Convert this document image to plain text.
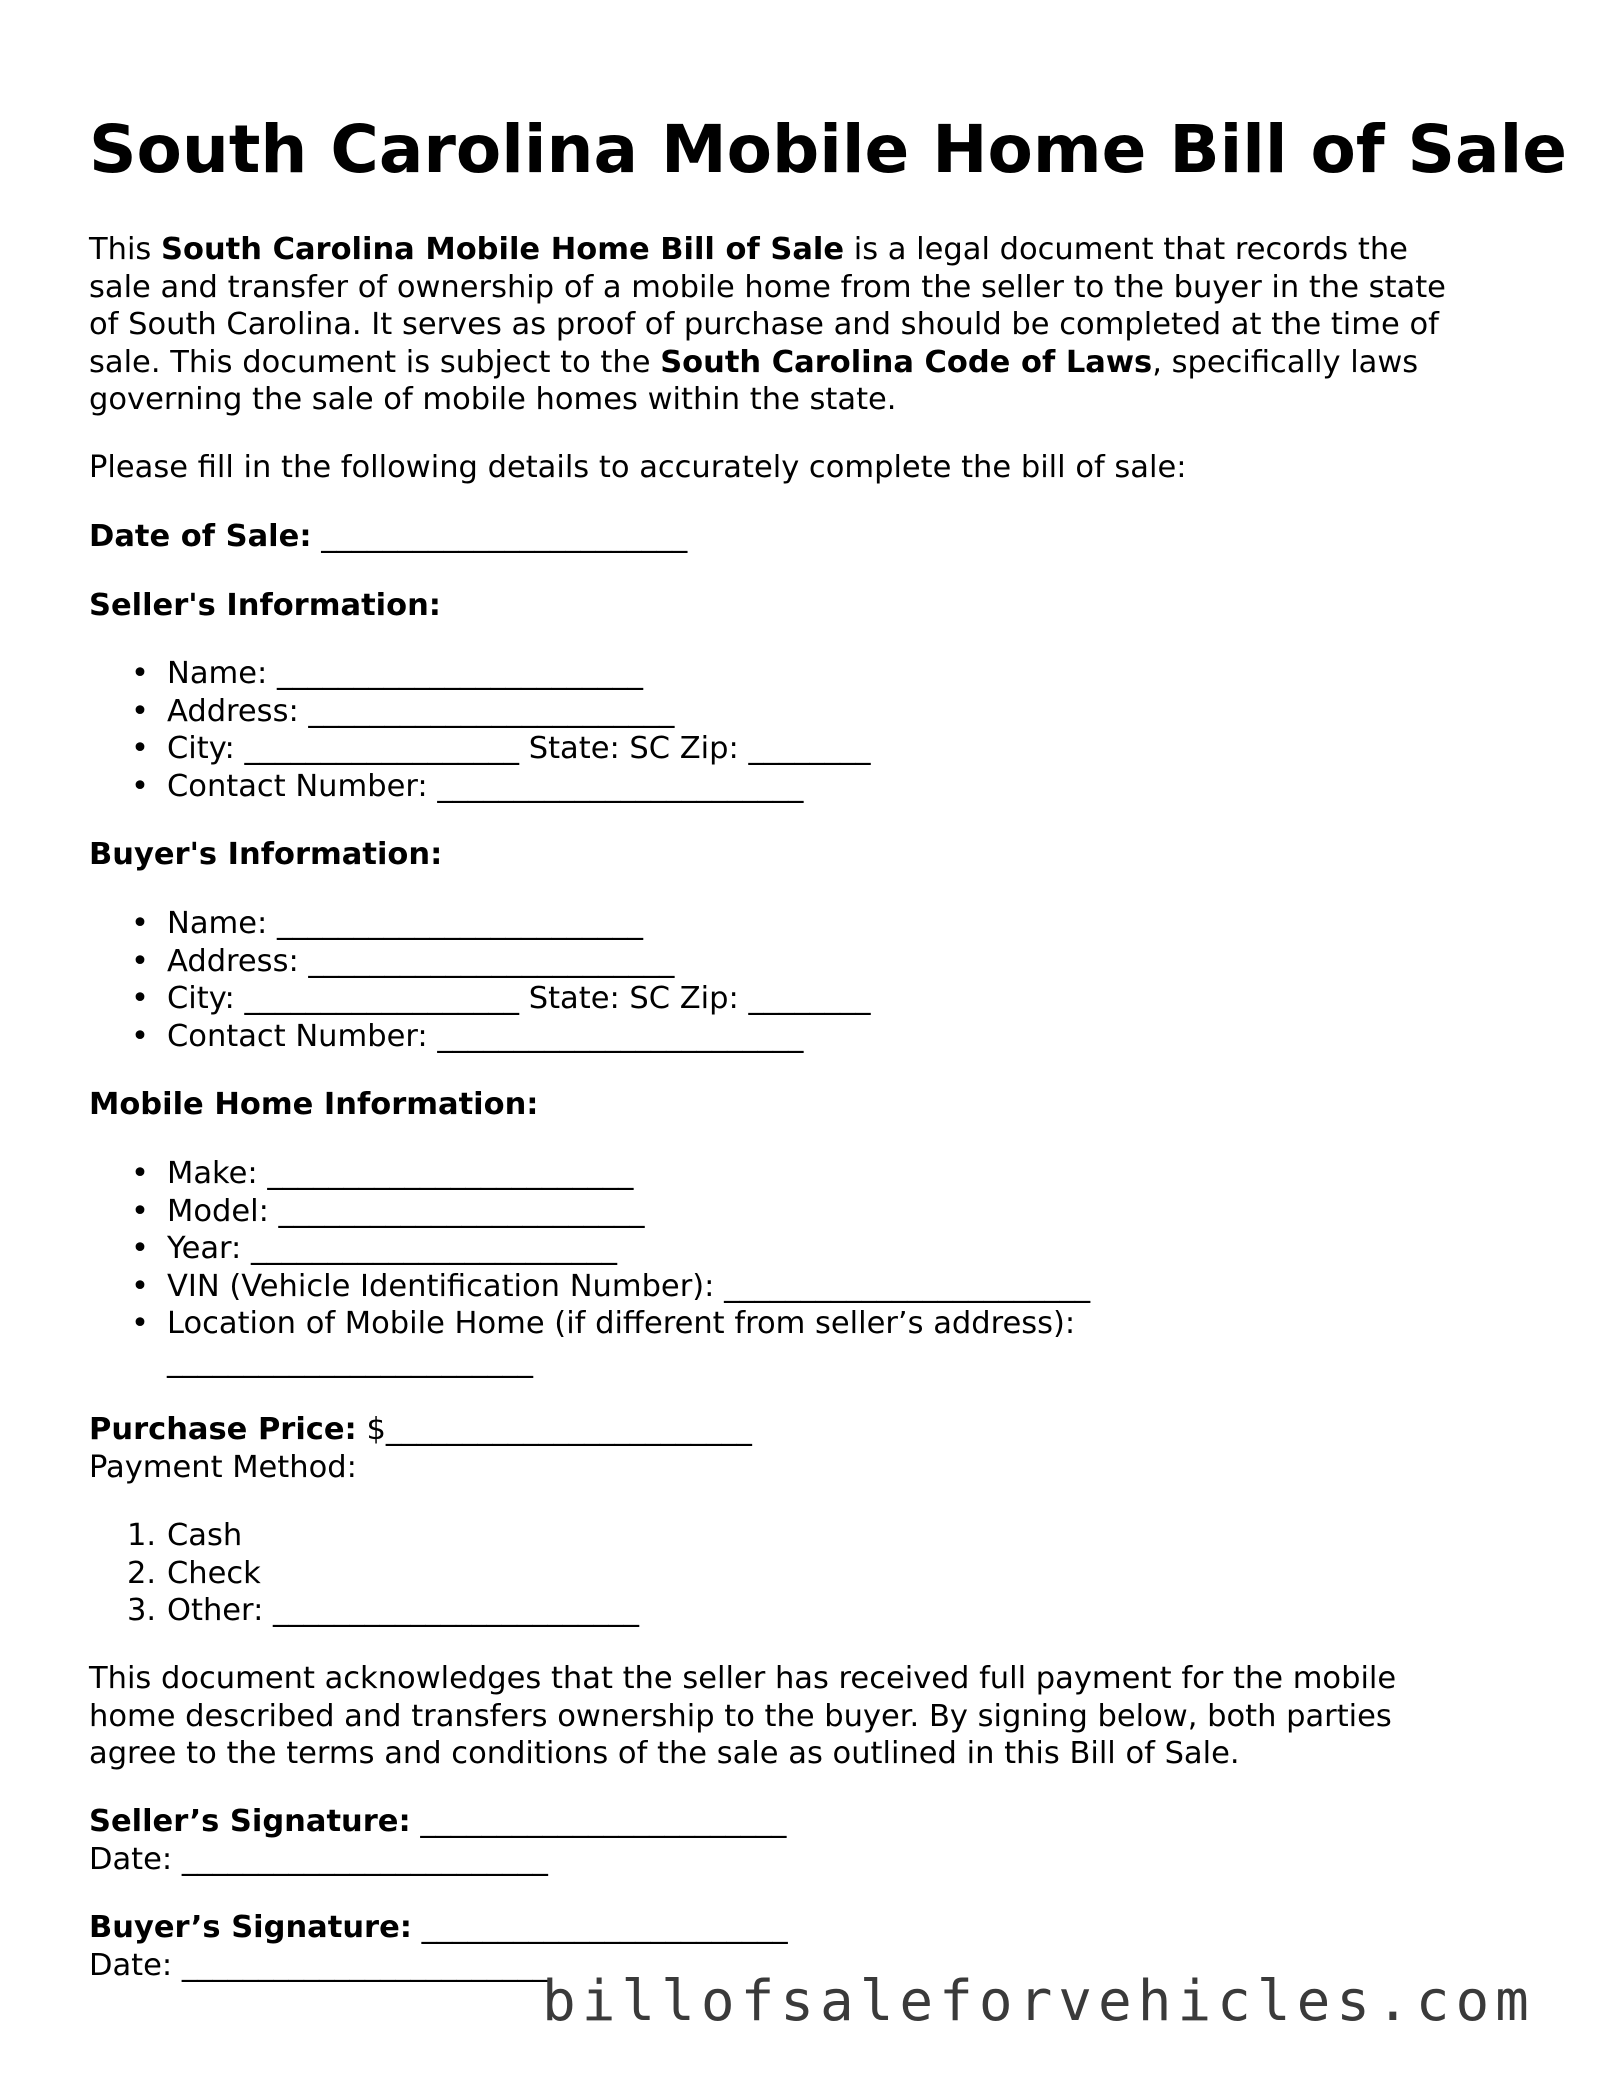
South Carolina Mobile Home Bill of Sale
This South Carolina Mobile Home Bill of Sale is a legal document that records the
sale and transfer of ownership of a mobile home from the seller to the buyer in the state
of South Carolina. It serves as proof of purchase and should be completed at the time of
sale. This document is subject to the South Carolina Code of Laws, specifically laws
governing the sale of mobile homes within the state.
Please fill in the following details to accurately complete the bill of sale:
Date of Sale: ________________________
Seller's Information:
• Name: ________________________
• Address: ________________________
• City: __________________ State: SC Zip: ________
• Contact Number: ________________________
Buyer's Information:
• Name: ________________________
• Address: ________________________
• City: __________________ State: SC Zip: ________
• Contact Number: ________________________
Mobile Home Information:
• Make: ________________________
• Model: ________________________
• Year: ________________________
• VIN (Vehicle Identification Number): ________________________
• Location of Mobile Home (if different from seller’s address):
________________________
Purchase Price: $________________________
Payment Method:
1. Cash
2. Check
3. Other: ________________________
This document acknowledges that the seller has received full payment for the mobile
home described and transfers ownership to the buyer. By signing below, both parties
agree to the terms and conditions of the sale as outlined in this Bill of Sale.
Seller’s Signature: ________________________
Date: ________________________
Buyer’s Signature: ________________________
Date: ________________________
billofsaleforvehicles.com
